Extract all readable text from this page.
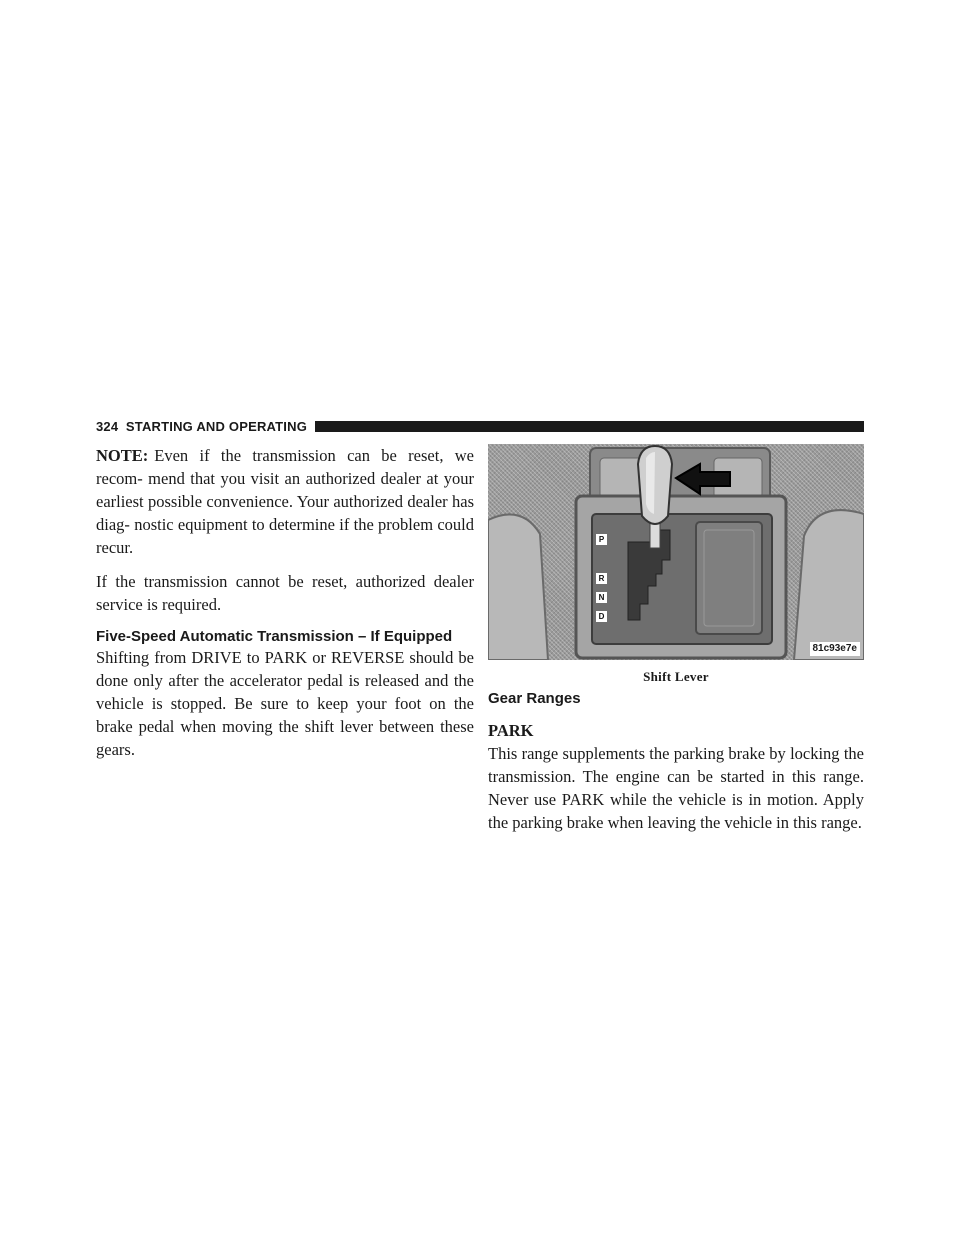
324 STARTING AND OPERATING

NOTE: Even if the transmission can be reset, we recom- mend that you visit an authorized dealer at your earliest possible convenience. Your authorized dealer has diag- nostic equipment to determine if the problem could recur.

If the transmission cannot be reset, authorized dealer service is required.

Five-Speed Automatic Transmission – If Equipped

Shifting from DRIVE to PARK or REVERSE should be done only after the accelerator pedal is released and the vehicle is stopped. Be sure to keep your foot on the brake pedal when moving the shift lever between these gears.

P
R
N
D
81c93e7e
Shift Lever
Gear Ranges
PARK

This range supplements the parking brake by locking the transmission. The engine can be started in this range. Never use PARK while the vehicle is in motion. Apply the parking brake when leaving the vehicle in this range.
